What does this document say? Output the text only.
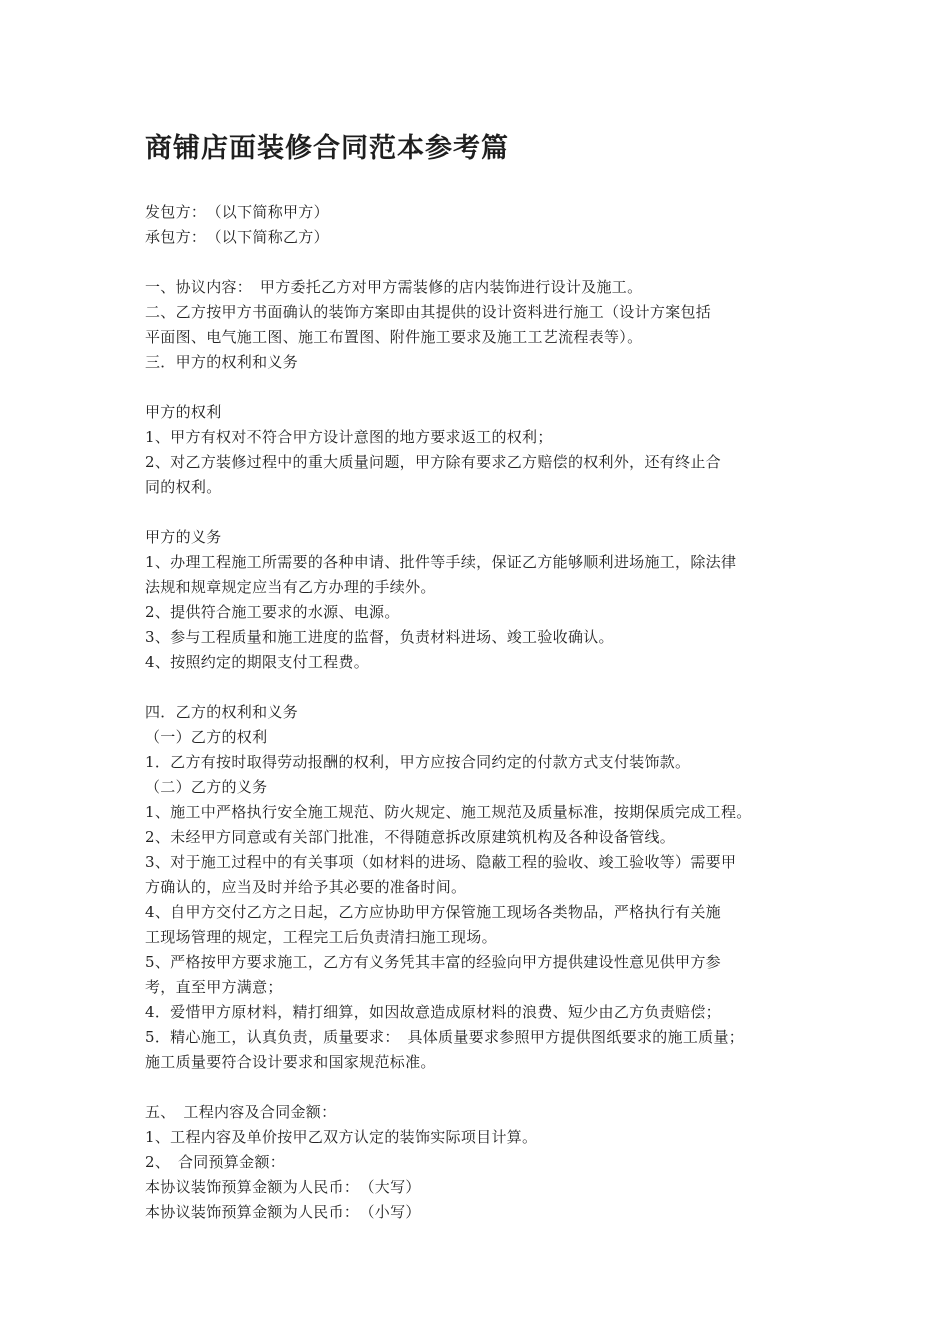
商铺店面装修合同范本参考篇
发包方：　（以下简称甲方）
承包方：　（以下简称乙方）
一、协议内容：　甲方委托乙方对甲方需装修的店内装饰进行设计及施工。
二、乙方按甲方书面确认的装饰方案即由其提供的设计资料进行施工（设计方案包括
平面图、电气施工图、施工布置图、附件施工要求及施工工艺流程表等）。
三．甲方的权利和义务
甲方的权利
1、甲方有权对不符合甲方设计意图的地方要求返工的权利；
2、对乙方装修过程中的重大质量问题，甲方除有要求乙方赔偿的权利外，还有终止合
同的权利。
甲方的义务
1、办理工程施工所需要的各种申请、批件等手续，保证乙方能够顺利进场施工，除法律
法规和规章规定应当有乙方办理的手续外。
2、提供符合施工要求的水源、电源。
3、参与工程质量和施工进度的监督，负责材料进场、竣工验收确认。
4、按照约定的期限支付工程费。
四．乙方的权利和义务
（一）乙方的权利
1．乙方有按时取得劳动报酬的权利，甲方应按合同约定的付款方式支付装饰款。
（二）乙方的义务
1、施工中严格执行安全施工规范、防火规定、施工规范及质量标准，按期保质完成工程。
2、未经甲方同意或有关部门批准，不得随意拆改原建筑机构及各种设备管线。
3、对于施工过程中的有关事项（如材料的进场、隐蔽工程的验收、竣工验收等）需要甲
方确认的，应当及时并给予其必要的准备时间。
4、自甲方交付乙方之日起，乙方应协助甲方保管施工现场各类物品，严格执行有关施
工现场管理的规定，工程完工后负责清扫施工现场。
5、严格按甲方要求施工，乙方有义务凭其丰富的经验向甲方提供建设性意见供甲方参
考，直至甲方满意；
4．爱惜甲方原材料，精打细算，如因故意造成原材料的浪费、短少由乙方负责赔偿；
5．精心施工，认真负责，质量要求：　具体质量要求参照甲方提供图纸要求的施工质量；
施工质量要符合设计要求和国家规范标准。
五、　工程内容及合同金额：
1、工程内容及单价按甲乙双方认定的装饰实际项目计算。
2、　合同预算金额：
本协议装饰预算金额为人民币：　（大写）
本协议装饰预算金额为人民币：　（小写）
